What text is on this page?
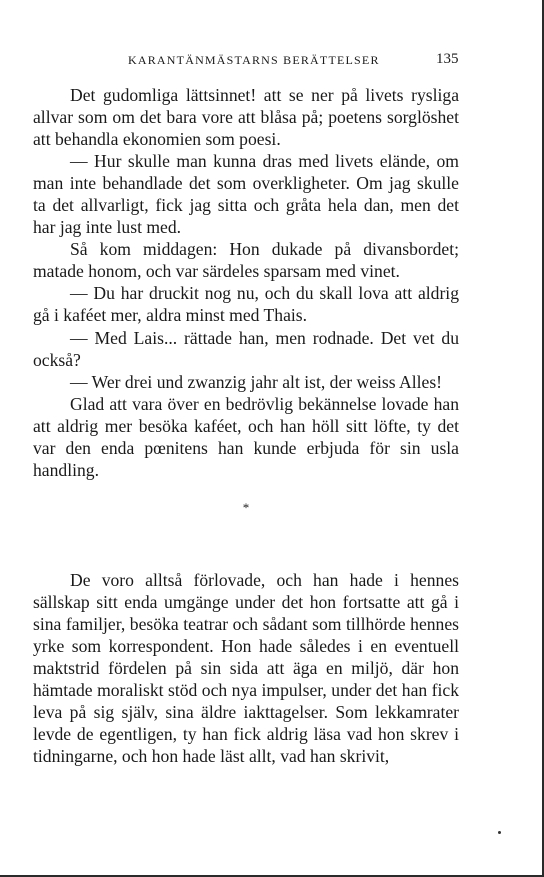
KARANTÄNMÄSTARNS BERÄTTELSER	135

Det gudomliga lättsinnet! att se ner på livets rysliga allvar som om det bara vore att blåsa på; poetens sorglöshet att behandla ekonomien som poesi.

— Hur skulle man kunna dras med livets elände, om man inte behandlade det som overkligheter. Om jag skulle ta det allvarligt, fick jag sitta och gråta hela dan, men det har jag inte lust med.

Så kom middagen: Hon dukade på divansbordet; matade honom, och var särdeles sparsam med vinet.

— Du har druckit nog nu, och du skall lova att aldrig gå i kaféet mer, aldra minst med Thais.

— Med Lais... rättade han, men rodnade. Det vet du också?

— Wer drei und zwanzig jahr alt ist, der weiss Alles!

Glad att vara över en bedrövlig bekännelse lovade han att aldrig mer besöka kaféet, och han höll sitt löfte, ty det var den enda pœnitens han kunde erbjuda för sin usla handling.

*

De voro alltså förlovade, och han hade i hennes sällskap sitt enda umgänge under det hon fortsatte att gå i sina familjer, besöka teatrar och sådant som tillhörde hennes yrke som korrespondent. Hon hade således i en eventuell maktstrid fördelen på sin sida att äga en miljö, där hon hämtade moraliskt stöd och nya impulser, under det han fick leva på sig själv, sina äldre iakttagelser. Som lekkamrater levde de egentligen, ty han fick aldrig läsa vad hon skrev i tidningarne, och hon hade läst allt, vad han skrivit,
